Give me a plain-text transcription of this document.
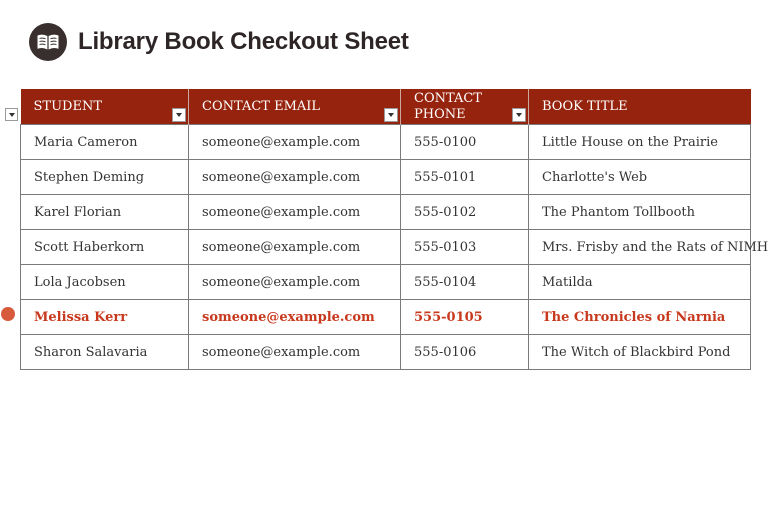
Library Book Checkout Sheet
STUDENT	CONTACT EMAIL	CONTACT PHONE	BOOK TITLE

Maria Cameron	someone@example.com	555-0100	Little House on the Prairie
Stephen Deming	someone@example.com	555-0101	Charlotte's Web
Karel Florian	someone@example.com	555-0102	The Phantom Tollbooth
Scott Haberkorn	someone@example.com	555-0103	Mrs. Frisby and the Rats of NIMH
Lola Jacobsen	someone@example.com	555-0104	Matilda
Melissa Kerr	someone@example.com	555-0105	The Chronicles of Narnia
Sharon Salavaria	someone@example.com	555-0106	The Witch of Blackbird Pond
